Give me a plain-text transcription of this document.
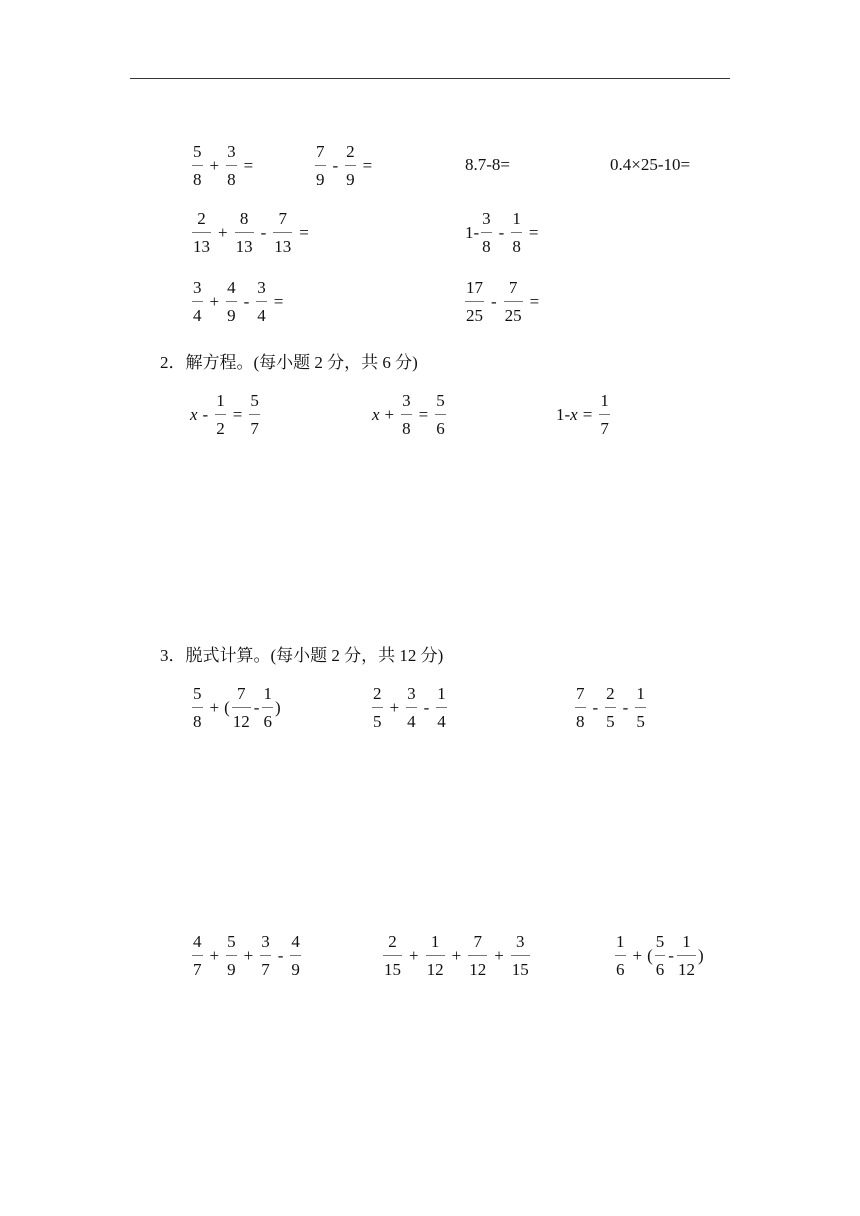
$\frac{5}{8} + \frac{3}{8}$ =	$\frac{7}{9} - \frac{2}{9}$ =	8.7-8=	0.4×25-10=
$\frac{2}{13} + \frac{8}{13} - \frac{7}{13}$ =	$1- \frac{3}{8} - \frac{1}{8}$ =
$\frac{3}{4} + \frac{4}{9} - \frac{3}{4}$ =	$\frac{17}{25} - \frac{7}{25}$ =
2．解方程。(每小题 2 分，共 6 分)
$x - \frac{1}{2} = \frac{5}{7}$	$x + \frac{3}{8} = \frac{5}{6}$	1- $x = \frac{1}{7}$
3．脱式计算。(每小题 2 分，共 12 分)
$\frac{5}{8}$ + ( $\frac{7}{12} - \frac{1}{6}$ )	$\frac{2}{5} + \frac{3}{4} - \frac{1}{4}$	$\frac{7}{8} - \frac{2}{5} - \frac{1}{5}$
$\frac{4}{7} + \frac{5}{9} + \frac{3}{7} - \frac{4}{9}$	$\frac{2}{15} + \frac{1}{12} + \frac{7}{12} + \frac{3}{15}$	$\frac{1}{6}$ + ( $\frac{5}{6} - \frac{1}{12}$ )
